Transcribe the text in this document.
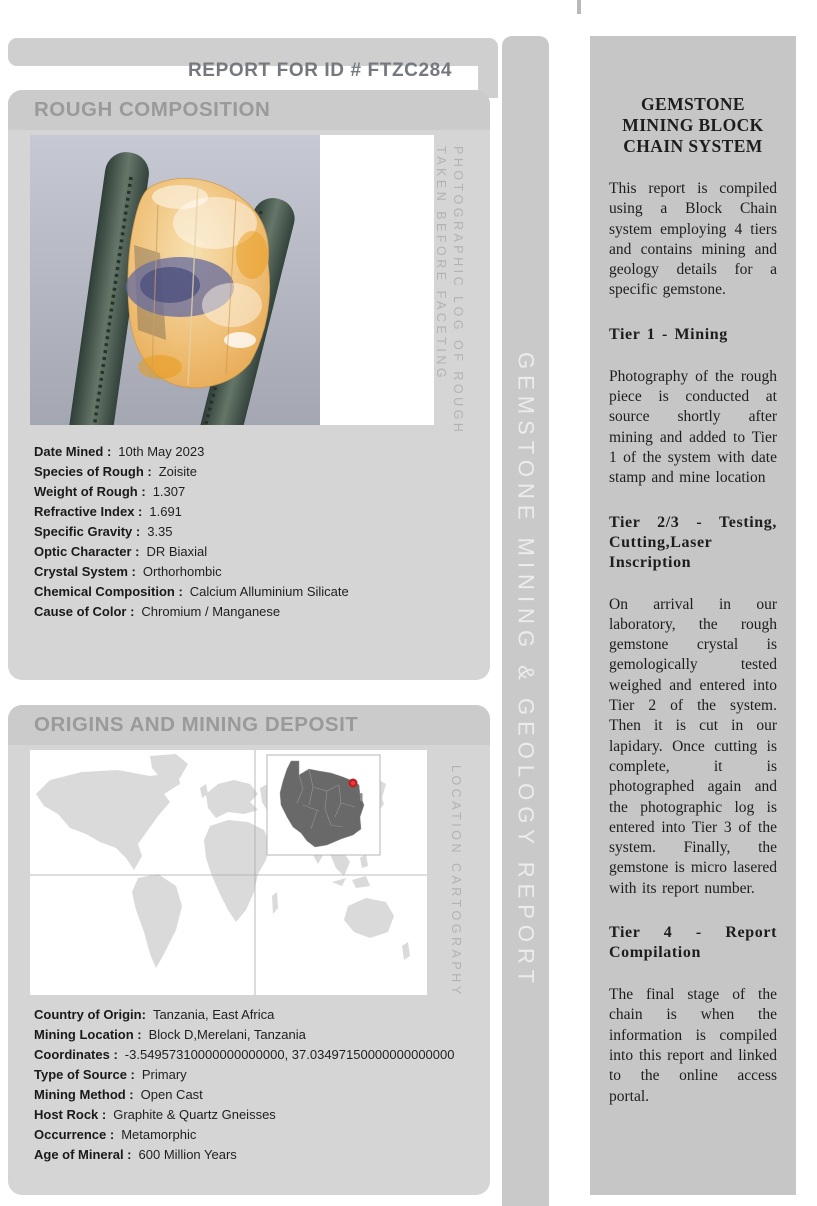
REPORT FOR ID # FTZC284
ROUGH COMPOSITION
PHOTOGRAPHIC LOG OF ROUGH
TAKEN BEFORE FACETING
Date Mined : 10th May 2023
Species of Rough : Zoisite
Weight of Rough : 1.307
Refractive Index : 1.691
Specific Gravity : 3.35
Optic Character : DR Biaxial
Crystal System : Orthorhombic
Chemical Composition : Calcium Alluminium Silicate
Cause of Color : Chromium / Manganese
ORIGINS AND MINING DEPOSIT
LOCATION CARTOGRAPHY
Country of Origin: Tanzania, East Africa
Mining Location : Block D,Merelani, Tanzania
Coordinates : -3.54957310000000000000, 37.03497150000000000000
Type of Source : Primary
Mining Method : Open Cast
Host Rock : Graphite & Quartz Gneisses
Occurrence : Metamorphic
Age of Mineral : 600 Million Years
GEMSTONE MINING & GEOLOGY REPORT
GEMSTONE
MINING BLOCK
CHAIN SYSTEM

This report is compiled using a Block Chain system employing 4 tiers and contains mining and geology details for a specific gemstone.

Tier 1 - Mining

Photography of the rough piece is conducted at source shortly after mining and added to Tier 1 of the system with date stamp and mine location

Tier 2/3 - Testing, Cutting,Laser Inscription

On arrival in our laboratory, the rough gemstone crystal is gemologically tested weighed and entered into Tier 2 of the system. Then it is cut in our lapidary. Once cutting is complete, it is photographed again and the photographic log is entered into Tier 3 of the system. Finally, the gemstone is micro lasered with its report number.

Tier 4 - Report Compilation

The final stage of the chain is when the information is compiled into this report and linked to the online access portal.
